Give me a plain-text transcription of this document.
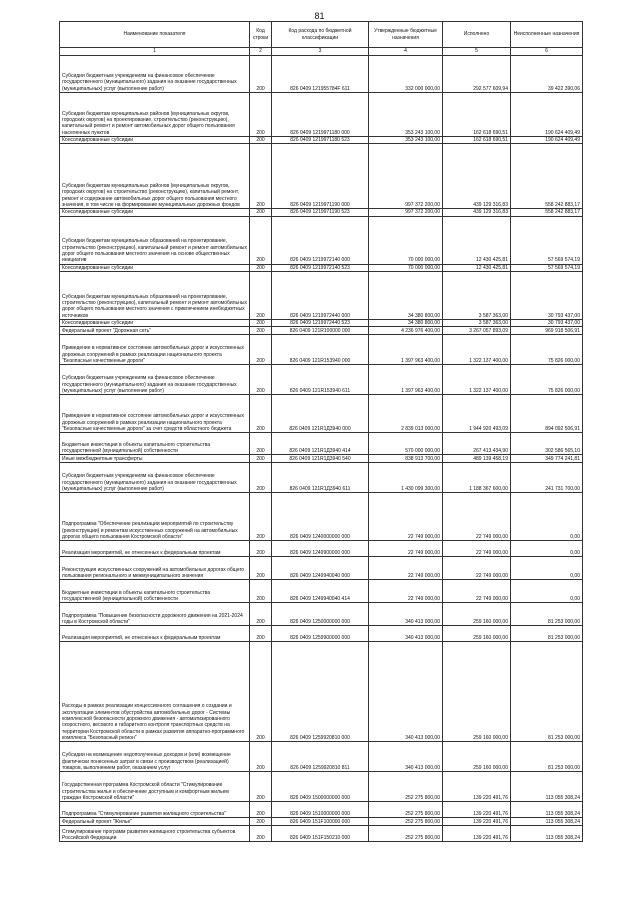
81
Наименование показателя	Код строки	Код расхода по бюджетной классификации	Утвержденные бюджетные назначения	Исполнено	Неисполненные назначения
1	2	3	4	5	6
Субсидии бюджетным учреждениям на финансовое обеспечение государственного (муниципального) задания на оказание государственных (муниципальных) услуг (выполнение работ)	200	826 0409 121955784F 611	332 000 000,00	292 577 609,94	39 422 390,06
Субсидии бюджетам муниципальных районов (муниципальных округов, городских округов) на проектирование, строительство (реконструкцию), капитальный ремонт и ремонт автомобильных дорог общего пользования населенных пунктов	200	826 0409 1219971180 000	353 243 100,00	162 618 690,51	190 624 409,49
Консолидированные субсидии	200	826 0409 1219971180 523	353 243 100,00	162 618 690,51	190 624 409,49
Субсидии бюджетам муниципальных районов (муниципальных округов, городских округов) на строительство (реконструкцию), капитальный ремонт, ремонт и содержание автомобильных дорог общего пользования местного значения, в том числе на формирование муниципальных дорожных фондов	200	826 0409 1219971190 000	997 372 200,00	439 129 316,83	558 242 883,17
Консолидированные субсидии	200	826 0409 1219971190 523	997 372 200,00	439 129 316,83	558 242 883,17
Субсидии бюджетам муниципальных образований на проектирование, строительство (реконструкцию), капитальный ремонт и ремонт автомобильных дорог общего пользования местного значения на основе общественных инициатив	200	826 0409 1219972140 000	70 000 000,00	12 430 425,81	57 569 574,19
Консолидированные субсидии	200	826 0409 1219972140 523	70 000 000,00	12 430 425,81	57 569 574,19
Субсидии бюджетам муниципальных образований на проектирование, строительство (реконструкцию), капитальный ремонт и ремонт автомобильных дорог общего пользования местного значения с привлечением инебюджетных источников	200	826 0409 1219972440 000	34 380 800,00	3 587 363,00	30 793 437,00
Консолидированные субсидии	200	826 0409 1219972440 523	34 380 800,00	3 587 363,00	30 793 437,00
Федеральный проект "Дорожная сеть"	200	826 0409 121R100000 000	4 236 976 400,00	3 267 057 893,09	969 918 506,91
Приведение в нормативное состояние автомобильных дорог и искусственных дорожных сооружений в рамках реализации национального проекта "Безопасные качественные дороги"	200	826 0409 121R153940 000	1 397 963 400,00	1 322 137 400,00	75 826 000,00
Субсидии бюджетным учреждениям на финансовое обеспечение государственного (муниципального) задания на оказание государственных (муниципальных) услуг (выполнение работ)	200	826 0409 121R153940 611	1 397 963 400,00	1 322 137 400,00	75 826 000,00
Приведение в нормативное состояние автомобильных дорог и искусственных дорожных сооружений в рамках реализации национального проекта "Безопасные качественные дороги" за счет средств областного бюджета	200	826 0409 121R1Д3940 000	2 839 013 000,00	1 944 920 493,09	894 092 506,91
Бюджетные инвестиции в объекты капитального строительства государственной (муниципальной) собственности	200	826 0409 121R1Д3940 414	570 000 000,00	267 413 434,90	302 586 565,10
Иные межбюджетные трансферты	200	826 0409 121R1Д3940 540	838 913 700,00	489 139 458,19	349 774 241,81
Субсидии бюджетным учреждениям на финансовое обеспечение государственного (муниципального) задания на оказание государственных (муниципальных) услуг (выполнение работ)	200	826 0409 121R1Д3940 611	1 430 099 300,00	1 188 367 600,00	241 731 700,00
Подпрограмма "Обеспечение реализации мероприятий по строительству (реконструкции) и ремонтам искусственных сооружений на автомобильных дорогах общего пользования Костромской области"	200	826 0409 1240000000 000	22 749 000,00	22 749 000,00	0,00
Реализация мероприятий, не отнесенных к федеральным проектам	200	826 0409 1249900000 000	22 749 000,00	22 749 000,00	0,00
Реконструкция искусственных сооружений на автомобильных дорогах общего пользования регионального и межмуниципального значения	200	826 0409 1249940040 000	22 749 000,00	22 749 000,00	0,00
Бюджетные инвестиции в объекты капитального строительства государственной (муниципальной) собственности	200	826 0409 1249940040 414	22 749 000,00	22 749 000,00	0,00
Подпрограмма "Повышение безопасности дорожного движения на 2021-2024 годы в Костромской области"	200	826 0409 1250000000 000	340 413 000,00	259 160 000,00	81 253 000,00
Реализация мероприятий, не отнесенных к федеральным проектам	200	826 0409 1259900000 000	340 413 000,00	259 160 000,00	81 253 000,00
Расходы в рамках реализации концессионного соглашения о создании и эксплуатации элементов обустройства автомобильных дорог - Системы комплексной безопасности дорожного движения - автоматизированного скоростного, весового и габаритного контроля транспортных средств на территории Костромской области в рамках развития аппаратно-программного комплекса "Безопасный регион"	200	826 0409 1259920810 000	340 413 000,00	259 160 000,00	81 253 000,00
Субсидии на возмещение недополученных доходов и (или) возмещение фактически понесенных затрат в связи с производством (реализацией) товаров, выполнением работ, оказанием услуг	200	826 0409 1259920810 811	340 413 000,00	259 160 000,00	81 253 000,00
Государственная программа Костромской области "Стимулирование строительства жилья и обеспечение доступным и комфортным жильем граждан Костромской области"	200	826 0409 1500000000 000	252 275 800,00	139 220 491,76	113 055 308,24
Подпрограмма "Стимулирование развития жилищного строительства"	200	826 0409 1510000000 000	252 275 800,00	139 220 491,76	113 055 308,24
Федеральный проект "Жилье"	200	826 0409 151F100000 000	252 275 800,00	139 220 491,76	113 055 308,24
Стимулирование программ развития жилищного строительства субъектов Российской Федерации	200	826 0409 151F150210 000	252 275 800,00	139 220 491,76	113 055 308,24
